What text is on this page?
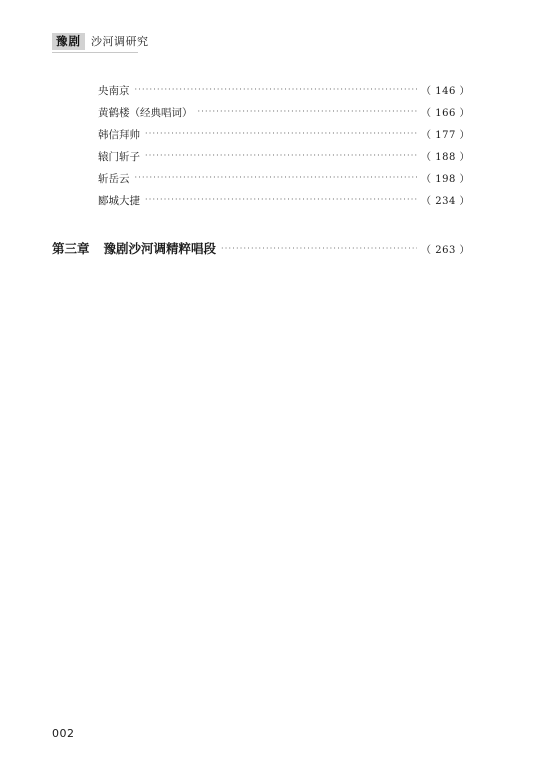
豫剧 沙河调研究
央南京 ·····	（ 146 ）
黄鹤楼（经典唱词） ·····	（ 166 ）
韩信拜帅 ·····	（ 177 ）
辕门斩子 ·····	（ 188 ）
斩岳云 ·····	（ 198 ）
郾城大捷 ·····	（ 234 ）
第三章 豫剧沙河调精粹唱段 ·····	（ 263 ）
002
